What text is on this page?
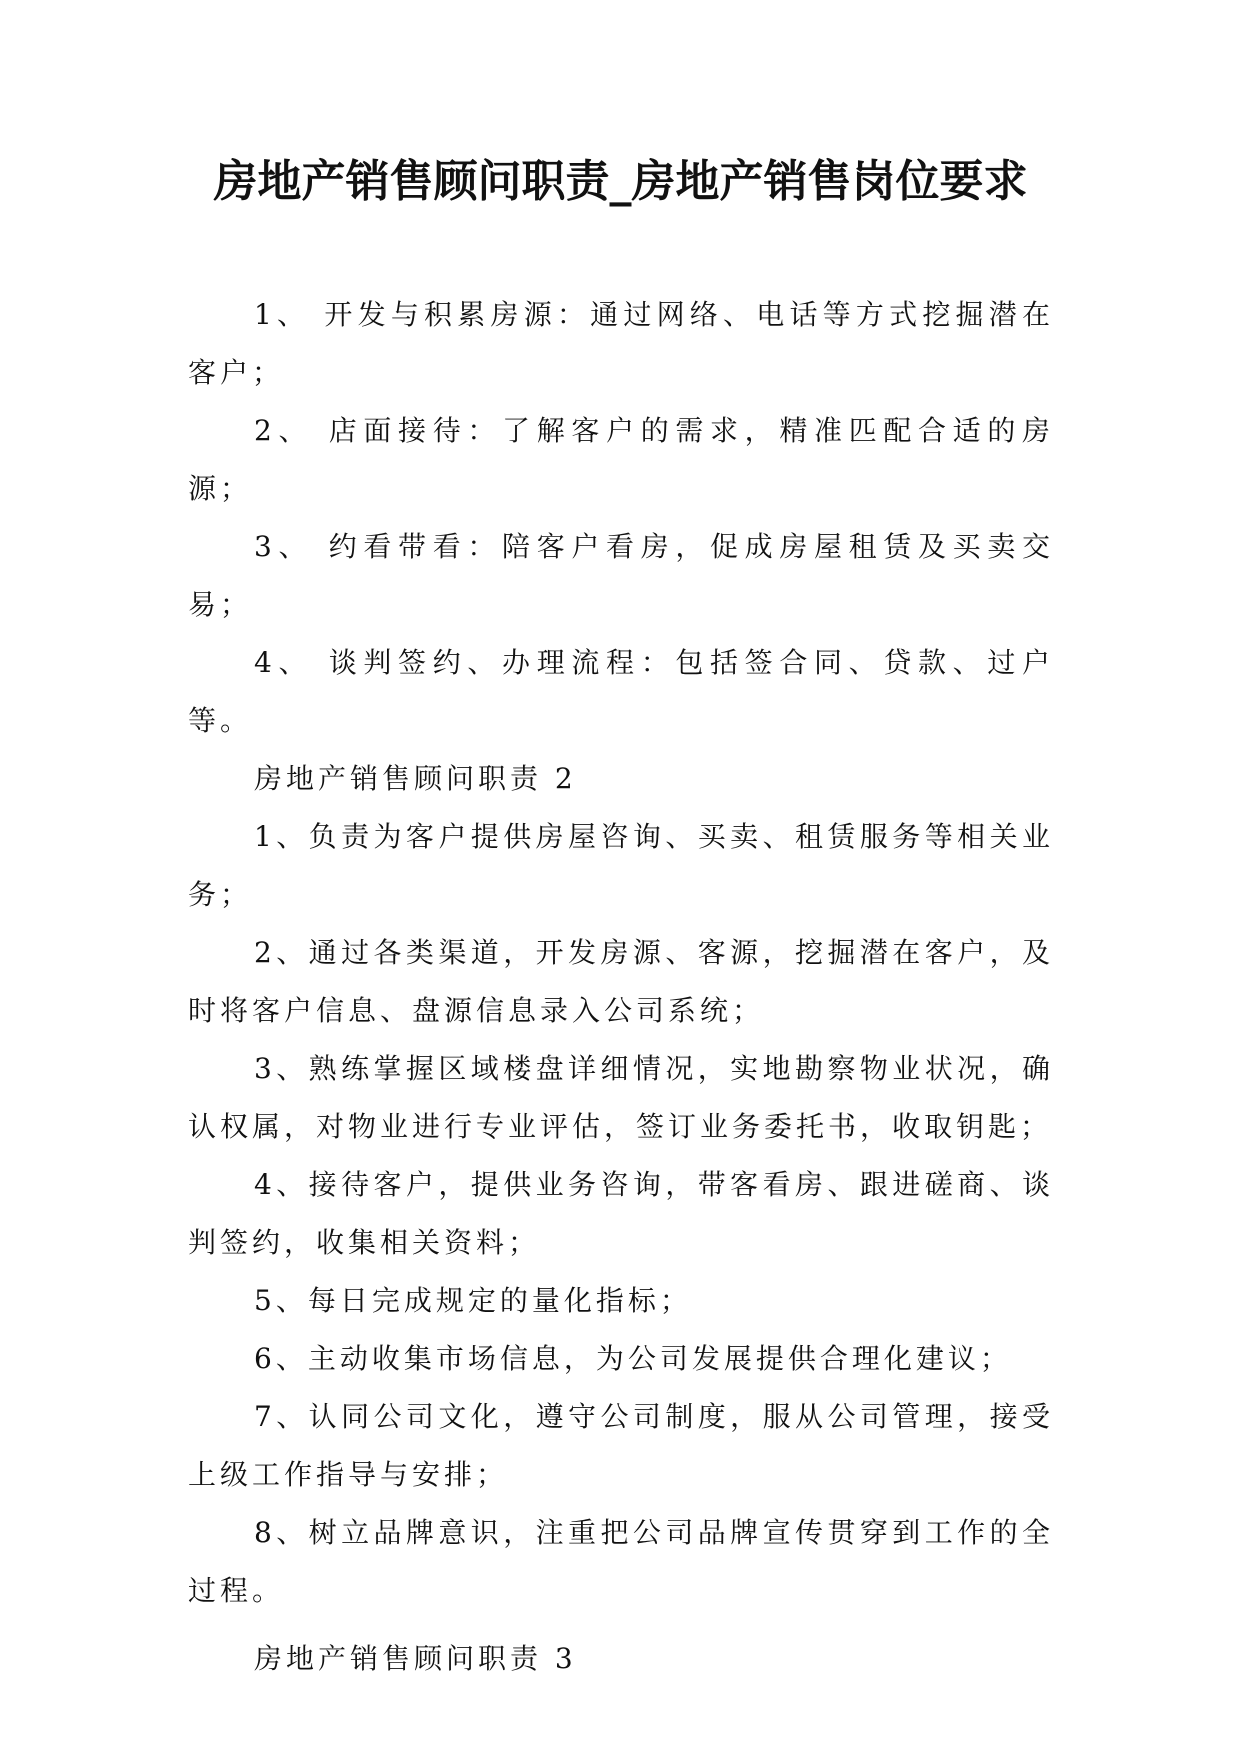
房地产销售顾问职责_房地产销售岗位要求

1、 开发与积累房源：通过网络、电话等方式挖掘潜在客户；

2、 店面接待：了解客户的需求，精准匹配合适的房源；

3、 约看带看：陪客户看房，促成房屋租赁及买卖交易；

4、 谈判签约、办理流程：包括签合同、贷款、过户等。

房地产销售顾问职责 2

1、负责为客户提供房屋咨询、买卖、租赁服务等相关业务；

2、通过各类渠道，开发房源、客源，挖掘潜在客户，及时将客户信息、盘源信息录入公司系统；

3、熟练掌握区域楼盘详细情况，实地勘察物业状况，确认权属，对物业进行专业评估，签订业务委托书，收取钥匙；

4、接待客户，提供业务咨询，带客看房、跟进磋商、谈判签约，收集相关资料；

5、每日完成规定的量化指标；

6、主动收集市场信息，为公司发展提供合理化建议；

7、认同公司文化，遵守公司制度，服从公司管理，接受上级工作指导与安排；

8、树立品牌意识，注重把公司品牌宣传贯穿到工作的全过程。

房地产销售顾问职责 3
